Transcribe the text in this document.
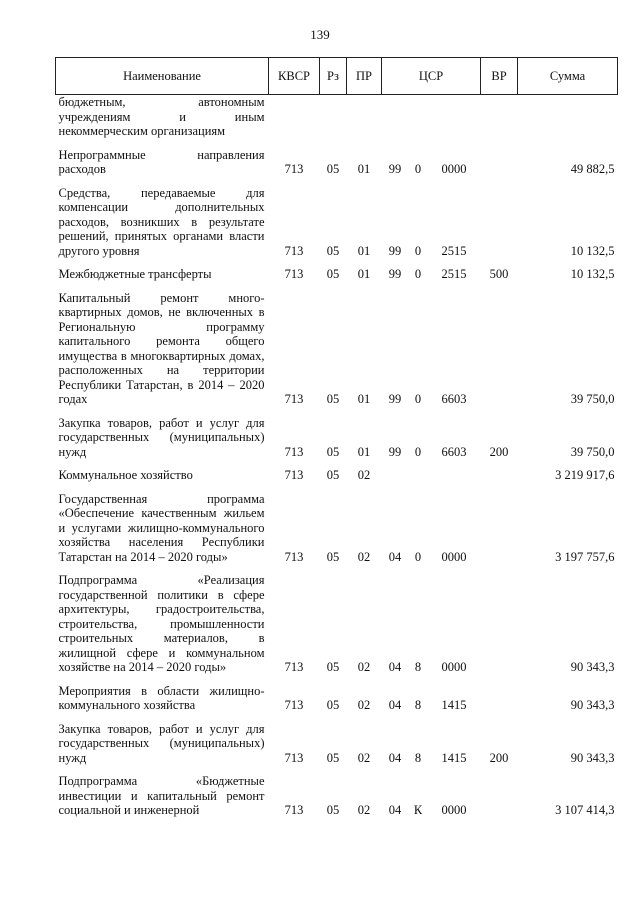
139
Наименование	КВСР	Рз	ПР	ЦСР			ВР	Сумма
бюджетным, автономным учреждениям и иным некоммерческим организациям								
Непрограммные направления расходов	713	05	01	99	0	0000		49 882,5
Средства, передаваемые для компенсации дополнительных расходов, возникших в результате решений, принятых органами власти другого уровня	713	05	01	99	0	2515		10 132,5
Межбюджетные трансферты	713	05	01	99	0	2515	500	10 132,5
Капитальный ремонт много-квартирных домов, не включенных в Региональную программу капитального ремонта общего имущества в многоквартирных домах, расположенных на территории Республики Татарстан, в 2014 – 2020 годах	713	05	01	99	0	6603		39 750,0
Закупка товаров, работ и услуг для государственных (муниципальных) нужд	713	05	01	99	0	6603	200	39 750,0
Коммунальное хозяйство	713	05	02					3 219 917,6
Государственная программа «Обеспечение качественным жильем и услугами жилищно-коммунального хозяйства населения Республики Татарстан на 2014 – 2020 годы»	713	05	02	04	0	0000		3 197 757,6
Подпрограмма «Реализация государственной политики в сфере архитектуры, градостроительства, строительства, промышленности строительных материалов, в жилищной сфере и коммунальном хозяйстве на 2014 – 2020 годы»	713	05	02	04	8	0000		90 343,3
Мероприятия в области жилищно-коммунального хозяйства	713	05	02	04	8	1415		90 343,3
Закупка товаров, работ и услуг для государственных (муниципальных) нужд	713	05	02	04	8	1415	200	90 343,3
Подпрограмма «Бюджетные инвестиции и капитальный ремонт социальной и инженерной	713	05	02	04	К	0000		3 107 414,3
